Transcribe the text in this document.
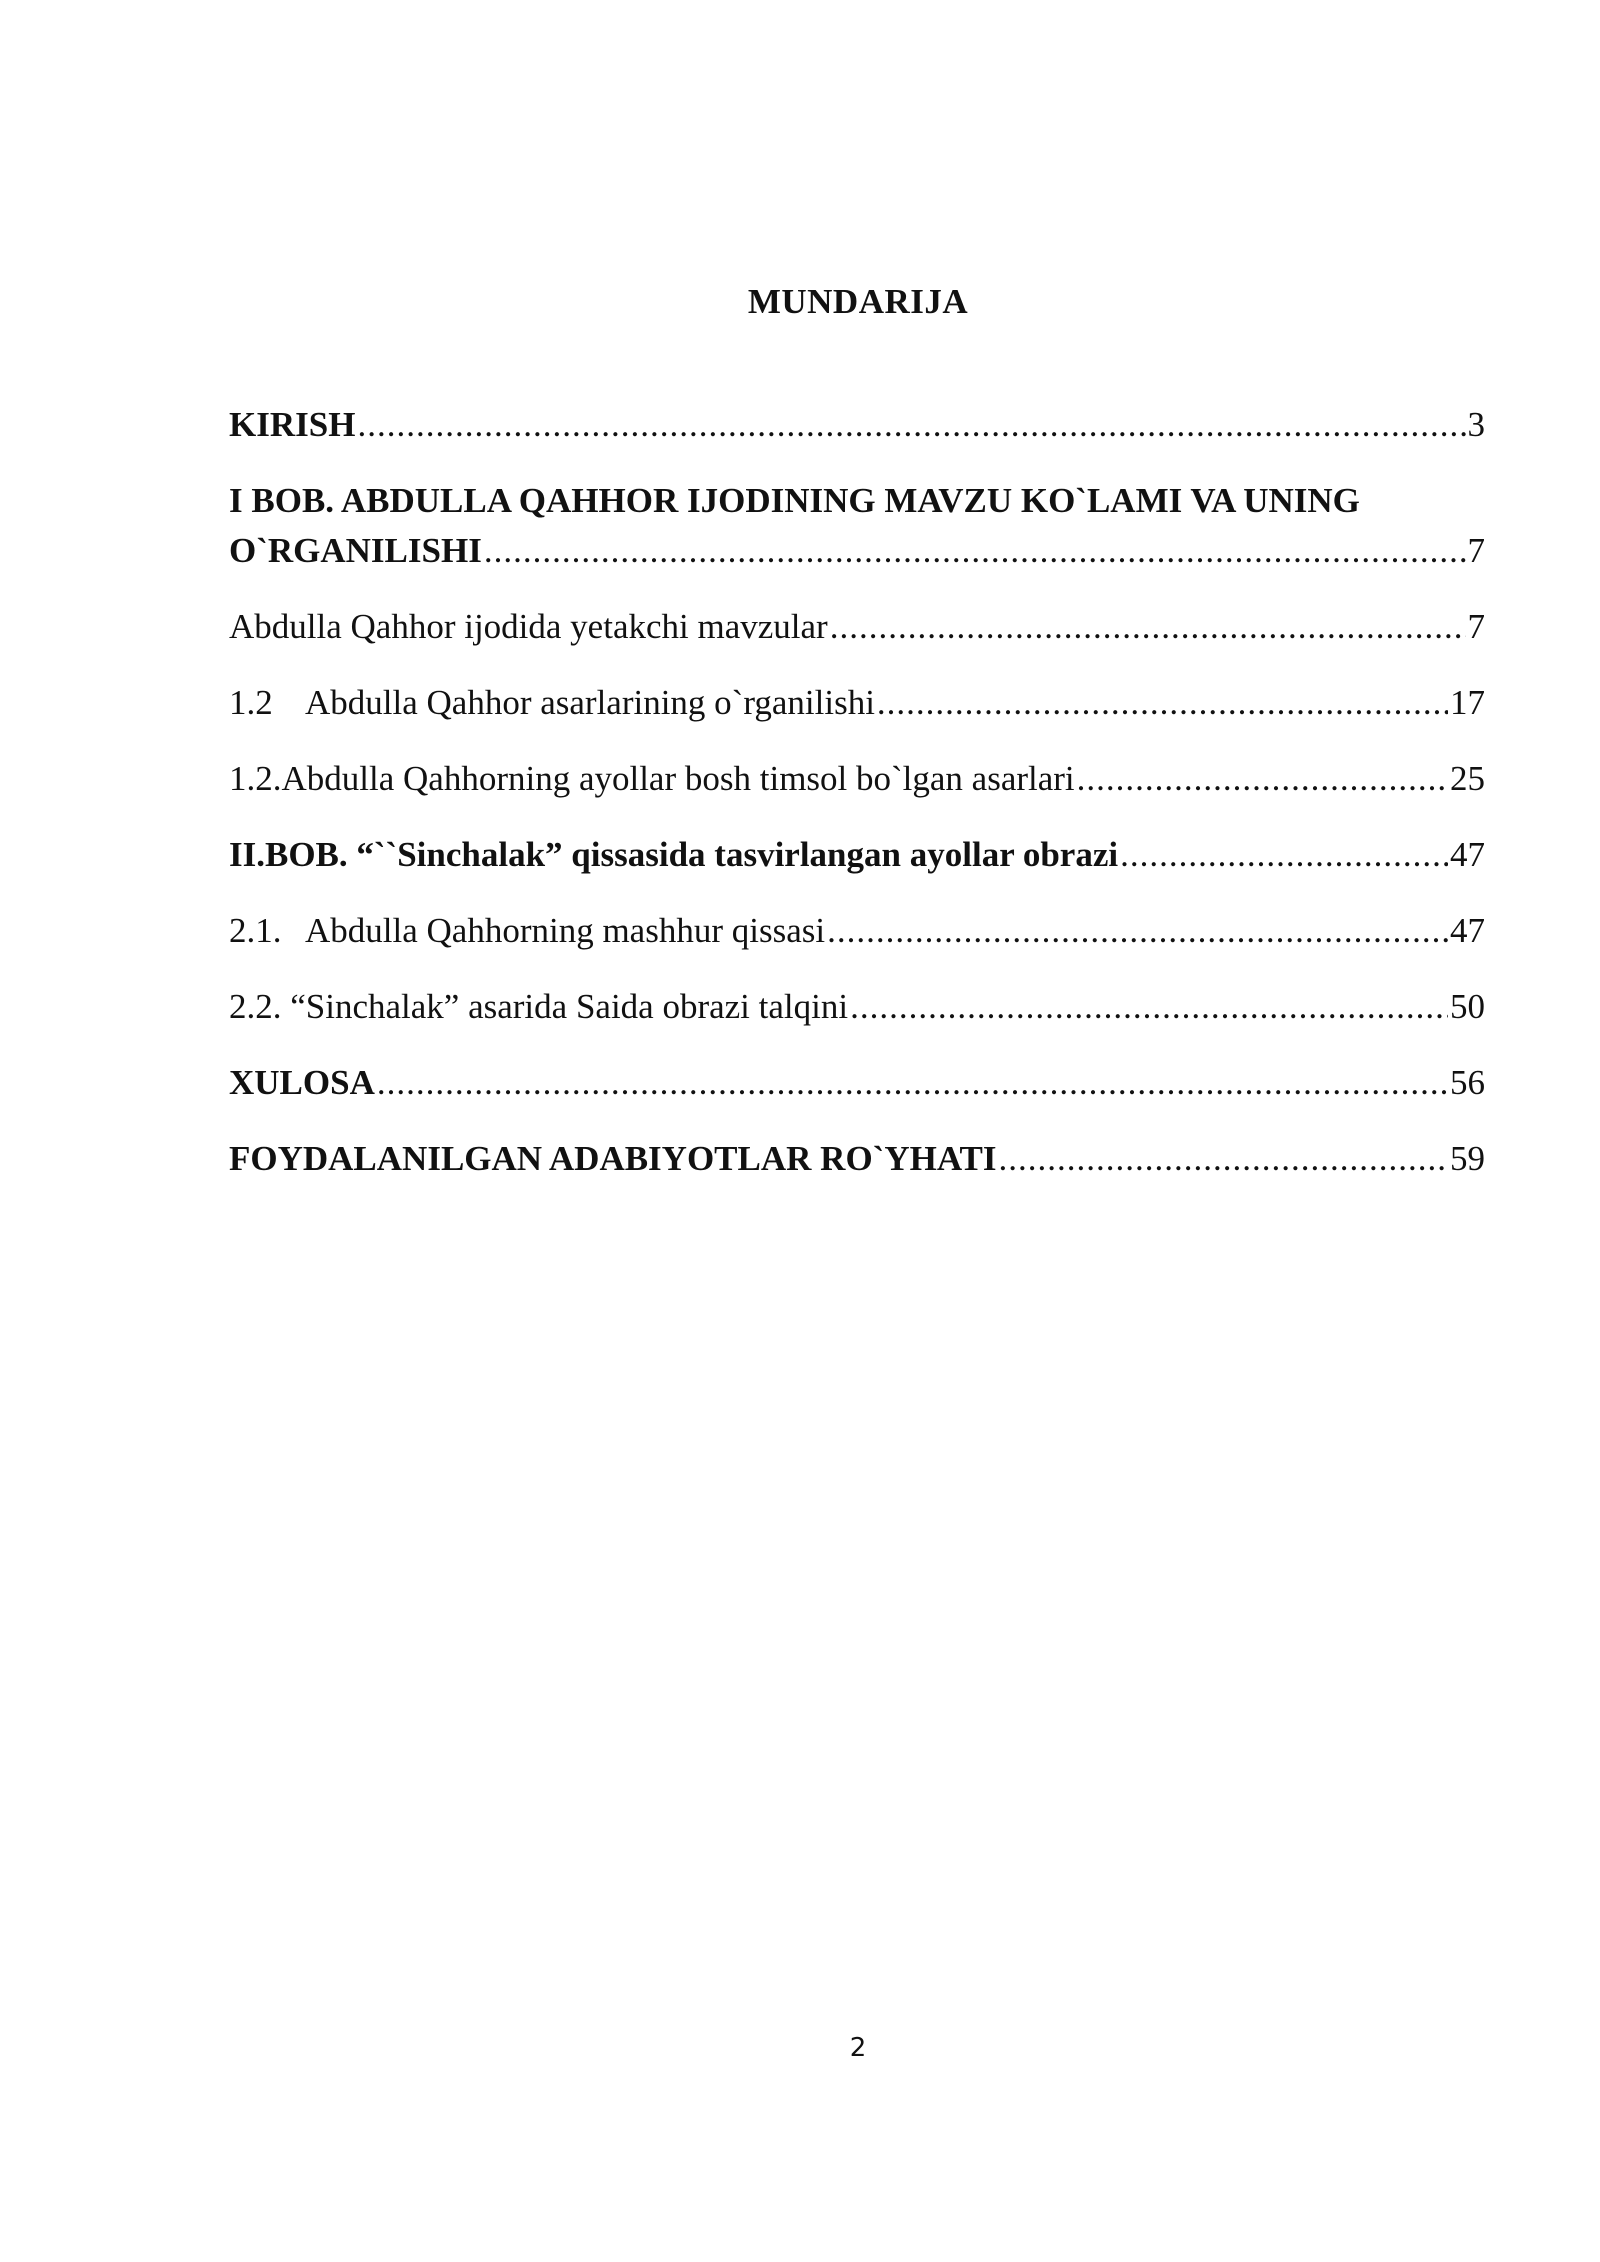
MUNDARIJA
KIRISH .....	3
I BOB. ABDULLA QAHHOR IJODINING MAVZU KO`LAMI VA UNING
O`RGANILISHI .....	7
Abdulla Qahhor ijodida yetakchi mavzular .....	7
1.2 Abdulla Qahhor asarlarining o`rganilishi .....	17
1.2.Abdulla Qahhorning ayollar bosh timsol bo`lgan asarlari .....	25
II.BOB. “``Sinchalak” qissasida tasvirlangan ayollar obrazi .....	47
2.1. Abdulla Qahhorning mashhur qissasi .....	47
2.2. “Sinchalak” asarida Saida obrazi talqini .....	50
XULOSA .....	56
FOYDALANILGAN ADABIYOTLAR RO`YHATI .....	59
2
